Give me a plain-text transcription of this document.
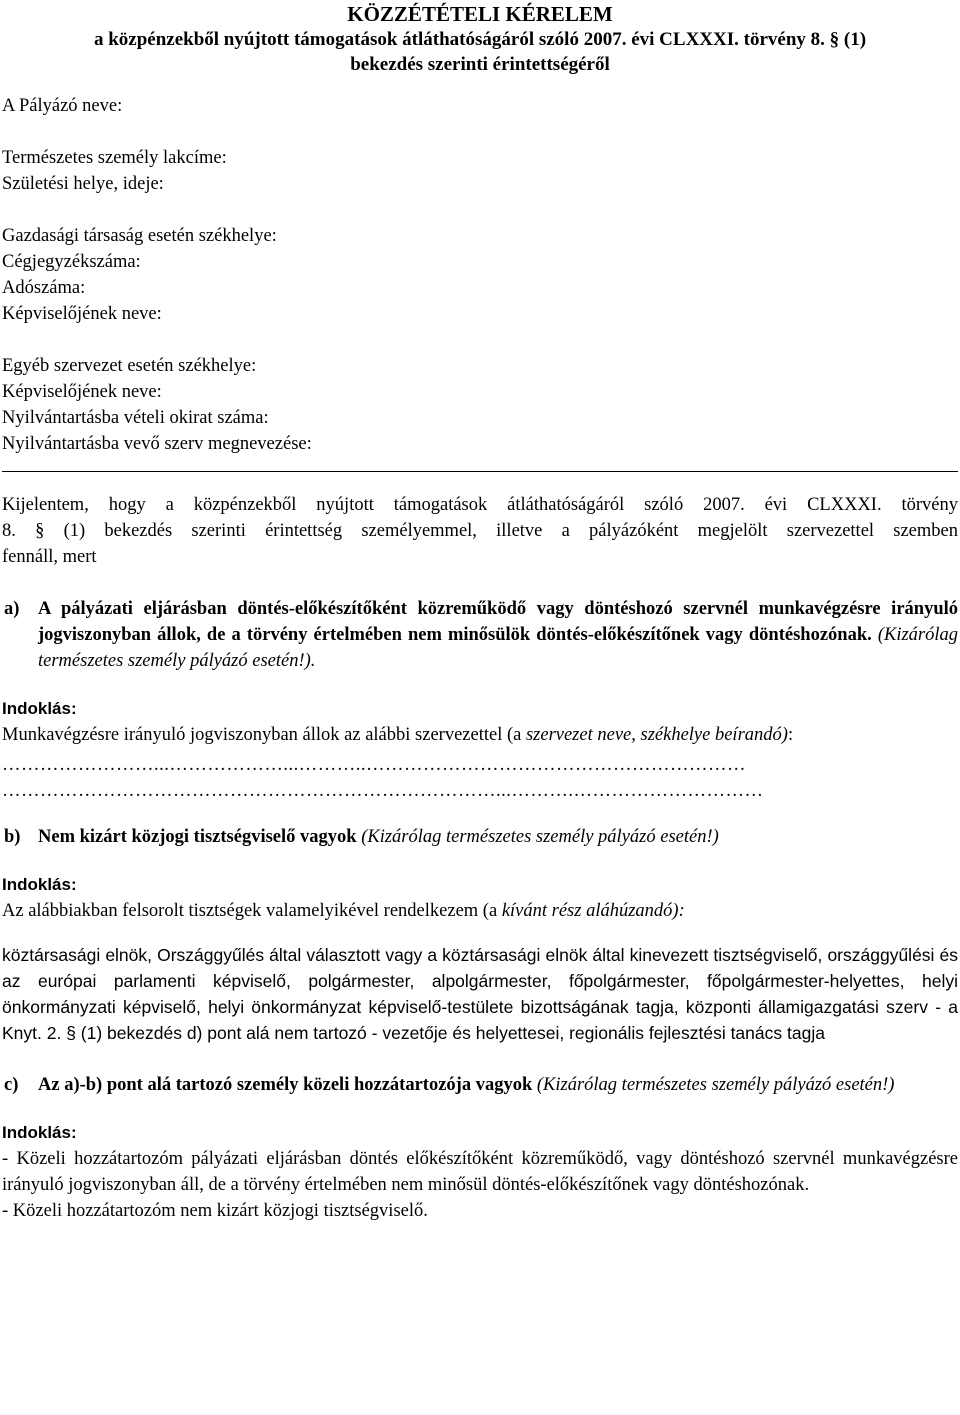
KÖZZÉTÉTELI KÉRELEM
a közpénzekből nyújtott támogatások átláthatóságáról szóló 2007. évi CLXXXI. törvény 8. § (1)
bekezdés szerinti érintettségéről
A Pályázó neve:
Természetes személy lakcíme:
Születési helye, ideje:
Gazdasági társaság esetén székhelye:
Cégjegyzékszáma:
Adószáma:
Képviselőjének neve:
Egyéb szervezet esetén székhelye:
Képviselőjének neve:
Nyilvántartásba vételi okirat száma:
Nyilvántartásba vevő szerv megnevezése:
Kijelentem, hogy a közpénzekből nyújtott támogatások átláthatóságáról szóló 2007. évi CLXXXI. törvény
8. § (1) bekezdés szerinti érintettség személyemmel, illetve a pályázóként megjelölt szervezettel szemben
fennáll, mert
a)	A pályázati eljárásban döntés-előkészítőként közreműködő vagy döntéshozó szervnél munkavégzésre irányuló jogviszonyban állok, de a törvény értelmében nem minősülök döntés-előkészítőnek vagy döntéshozónak. (Kizárólag természetes személy pályázó esetén!).
Indoklás:
Munkavégzésre irányuló jogviszonyban állok az alábbi szervezettel (a szervezet neve, székhelye beírandó):
……………………...………………...………..……………………………………………………
……………………………………………………………………...……….…………………………
b) Nem kizárt közjogi tisztségviselő vagyok (Kizárólag természetes személy pályázó esetén!)
Indoklás:
Az alábbiakban felsorolt tisztségek valamelyikével rendelkezem (a kívánt rész aláhúzandó):
köztársasági elnök, Országgyűlés által választott vagy a köztársasági elnök által kinevezett tisztségviselő, országgyűlési és az európai parlamenti képviselő, polgármester, alpolgármester, főpolgármester, főpolgármester-helyettes, helyi önkormányzati képviselő, helyi önkormányzat képviselő-testülete bizottságának tagja, központi államigazgatási szerv - a Knyt. 2. § (1) bekezdés d) pont alá nem tartozó - vezetője és helyettesei, regionális fejlesztési tanács tagja
c)	Az a)-b) pont alá tartozó személy közeli hozzátartozója vagyok (Kizárólag természetes személy pályázó esetén!)
Indoklás:
- Közeli hozzátartozóm pályázati eljárásban döntés előkészítőként közreműködő, vagy döntéshozó szervnél munkavégzésre irányuló jogviszonyban áll, de a törvény értelmében nem minősül döntés-előkészítőnek vagy döntéshozónak.
- Közeli hozzátartozóm nem kizárt közjogi tisztségviselő.
